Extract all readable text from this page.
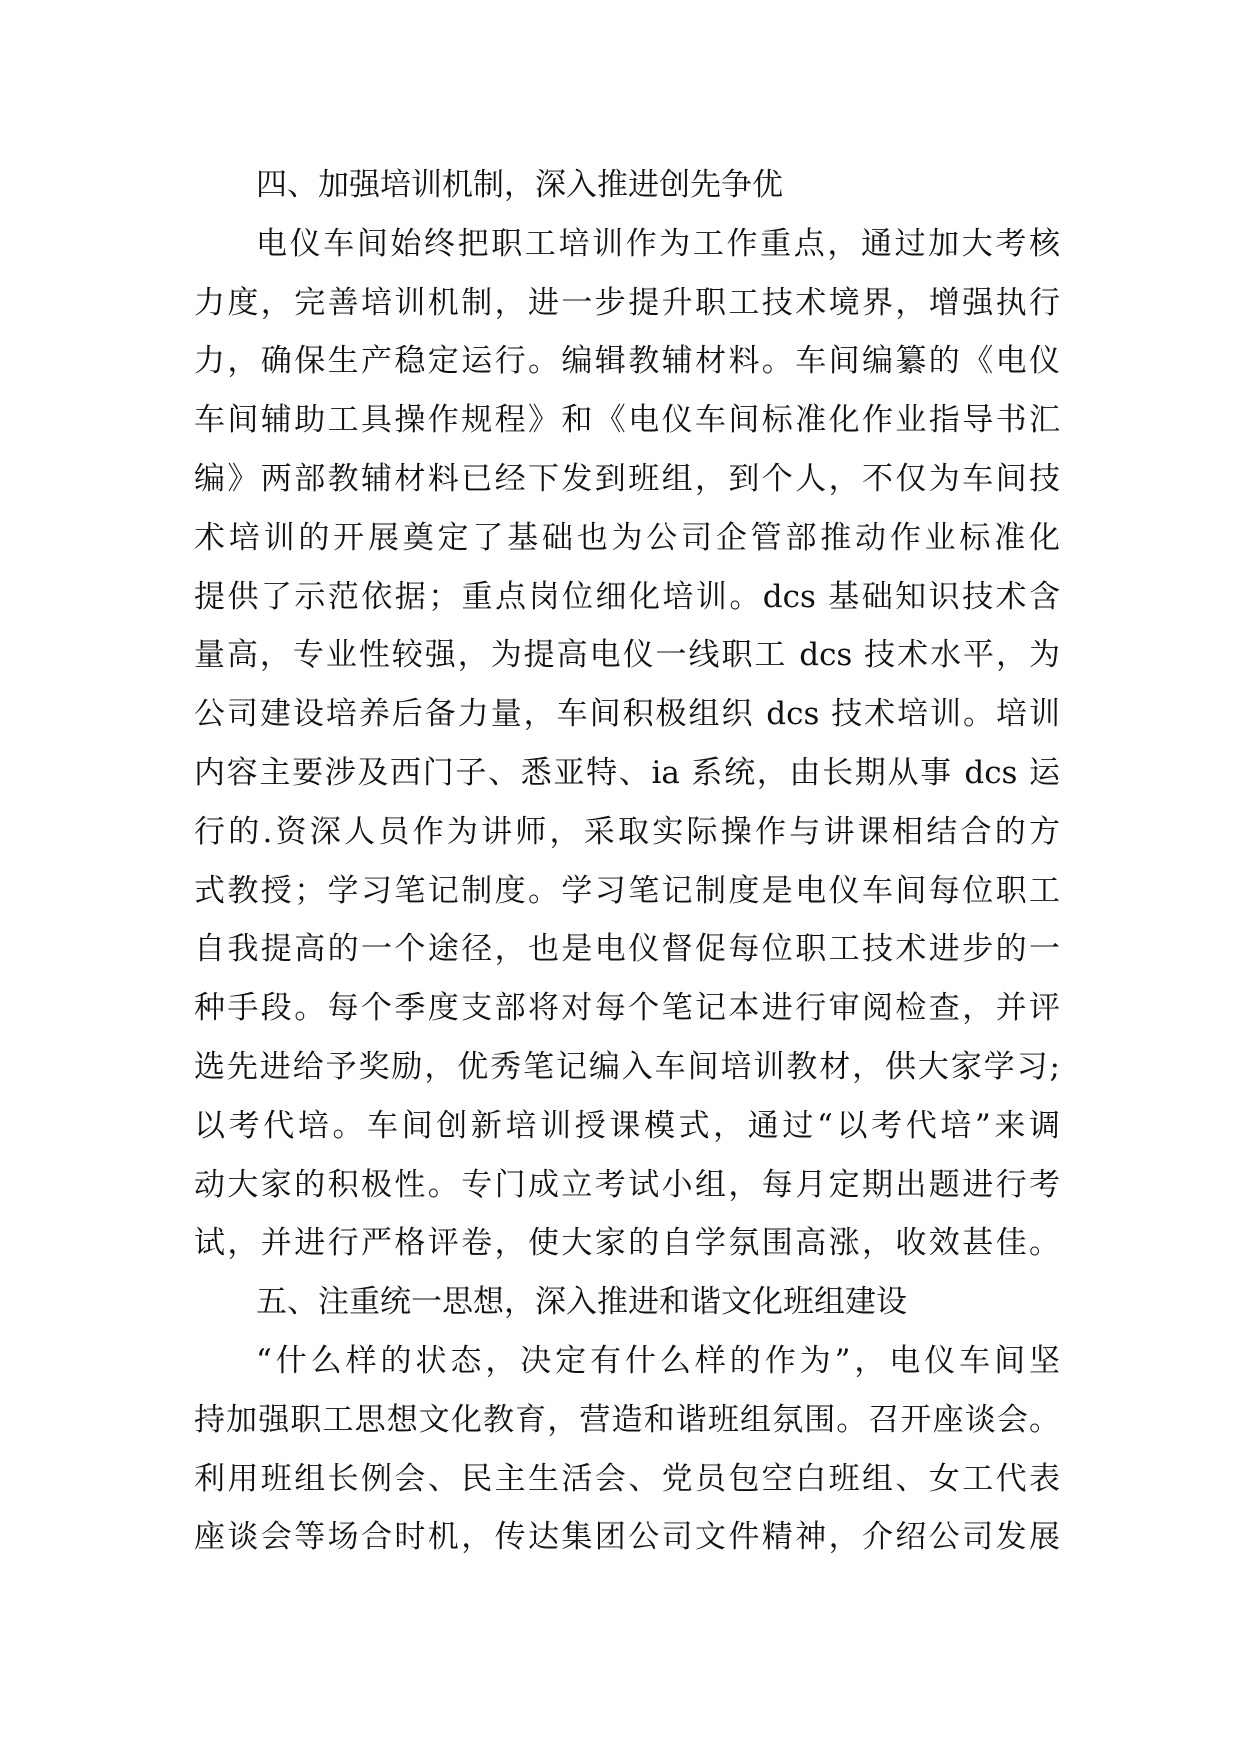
四、加强培训机制，深入推进创先争优
电仪车间始终把职工培训作为工作重点，通过加大考核
力度，完善培训机制，进一步提升职工技术境界，增强执行
力，确保生产稳定运行。编辑教辅材料。车间编纂的《电仪
车间辅助工具操作规程》和《电仪车间标准化作业指导书汇
编》两部教辅材料已经下发到班组，到个人，不仅为车间技
术培训的开展奠定了基础也为公司企管部推动作业标准化
提供了示范依据；重点岗位细化培训。dcs 基础知识技术含
量高，专业性较强，为提高电仪一线职工 dcs 技术水平，为
公司建设培养后备力量，车间积极组织 dcs 技术培训。培训
内容主要涉及西门子、悉亚特、ia 系统，由长期从事 dcs 运
行的.资深人员作为讲师，采取实际操作与讲课相结合的方
式教授；学习笔记制度。学习笔记制度是电仪车间每位职工
自我提高的一个途径，也是电仪督促每位职工技术进步的一
种手段。每个季度支部将对每个笔记本进行审阅检查，并评
选先进给予奖励，优秀笔记编入车间培训教材，供大家学习;
以考代培。车间创新培训授课模式，通过“以考代培”来调
动大家的积极性。专门成立考试小组，每月定期出题进行考
试，并进行严格评卷，使大家的自学氛围高涨，收效甚佳。
五、注重统一思想，深入推进和谐文化班组建设
“什么样的状态，决定有什么样的作为”，电仪车间坚
持加强职工思想文化教育，营造和谐班组氛围。召开座谈会。
利用班组长例会、民主生活会、党员包空白班组、女工代表
座谈会等场合时机，传达集团公司文件精神，介绍公司发展
